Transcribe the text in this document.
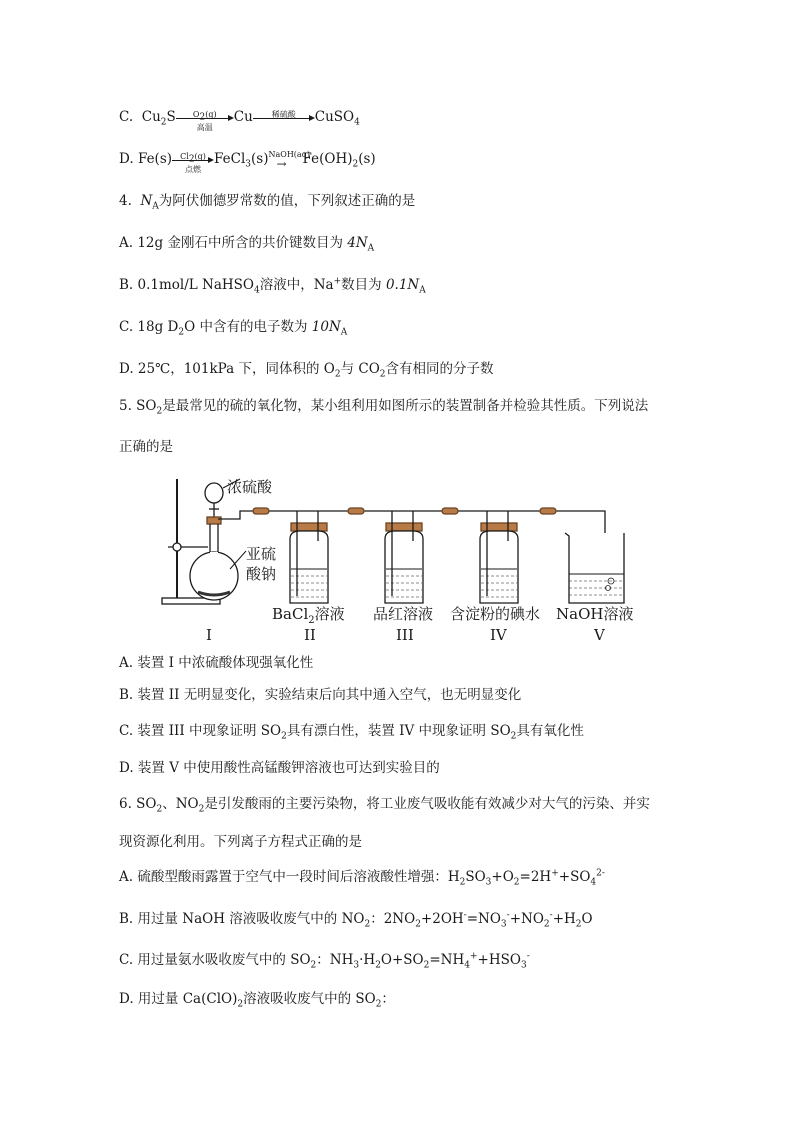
C. $Cu_2S$	$O_2(g)$
高温
Cu	稀硫酸	CuSO$_4$
D. Fe(s)	$Cl_2(g)$
点燃
FeCl$_3$(s) NaOH(aq)
→ $Fe(OH)_2(s)$
4. $N_A$为阿伏伽德罗常数的值，下列叙述正确的是
A. 12g 金刚石中所含的共价键数目为 $4N_A$
B. 0.1mol/L NaHSO$_4$溶液中，Na+数目为 $0.1N_A$
C. 18g $D_2O$ 中含有的电子数为 $10N_A$
D. 25℃，101kPa 下，同体积的 $O_2$与 $CO_2$含有相同的分子数
5. $SO_2$是最常见的硫的氧化物，某小组利用如图所示的装置制备并检验其性质。下列说法
正确的是
浓硫酸
亚硫
酸钠
BaCl$_2$溶液 品红溶液 含淀粉的碘水 NaOH溶液
I	II	III	IV	V
A. 装置 I 中浓硫酸体现强氧化性
B. 装置 II 无明显变化，实验结束后向其中通入空气，也无明显变化
C. 装置 III 中现象证明 $SO_2$具有漂白性，装置 IV 中现象证明 $SO_2$具有氧化性
D. 装置 V 中使用酸性高锰酸钾溶液也可达到实验目的
6. $SO_2$、$NO_2$是引发酸雨的主要污染物，将工业废气吸收能有效减少对大气的污染、并实
现资源化利用。下列离子方程式正确的是
A. 硫酸型酸雨露置于空气中一段时间后溶液酸性增强：$H_2SO_3+O_2=2H^++SO_4^{2-}$
B. 用过量 NaOH 溶液吸收废气中的 $NO_2$：$2NO_2+2OH^-=NO_3^-+NO_2^-+H_2O$
C. 用过量氨水吸收废气中的 $SO_2$：$NH_3\cdot H_2O+SO_2=NH_4^++HSO_3^-$
D. 用过量 $Ca(ClO)_2$溶液吸收废气中的 $SO_2$：
